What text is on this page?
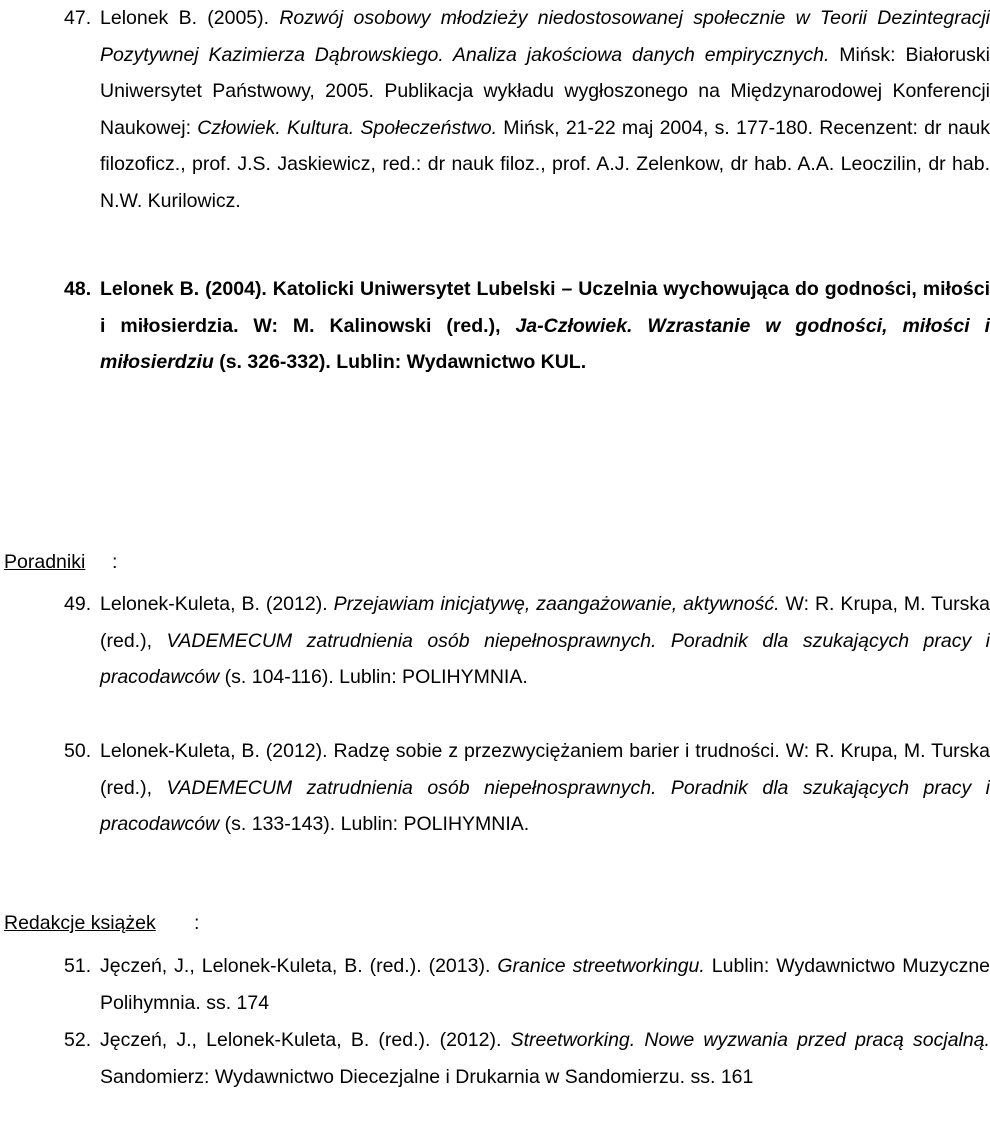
47. Lelonek B. (2005). Rozwój osobowy młodzieży niedostosowanej społecznie w Teorii Dezintegracji Pozytywnej Kazimierza Dąbrowskiego. Analiza jakościowa danych empirycznych. Mińsk: Białoruski Uniwersytet Państwowy, 2005. Publikacja wykładu wygłoszonego na Międzynarodowej Konferencji Naukowej: Człowiek. Kultura. Społeczeństwo. Mińsk, 21-22 maj 2004, s. 177-180. Recenzent: dr nauk filozoficz., prof. J.S. Jaskiewicz, red.: dr nauk filoz., prof. A.J. Zelenkow, dr hab. A.A. Leoczilin, dr hab. N.W. Kurilowicz.
48. Lelonek B. (2004). Katolicki Uniwersytet Lubelski – Uczelnia wychowująca do godności, miłości i miłosierdzia. W: M. Kalinowski (red.), Ja-Człowiek. Wzrastanie w godności, miłości i miłosierdziu (s. 326-332). Lublin: Wydawnictwo KUL.
Poradniki :
49. Lelonek-Kuleta, B. (2012). Przejawiam inicjatywę, zaangażowanie, aktywność. W: R. Krupa, M. Turska (red.), VADEMECUM zatrudnienia osób niepełnosprawnych. Poradnik dla szukających pracy i pracodawców (s. 104-116). Lublin: POLIHYMNIA.
50. Lelonek-Kuleta, B. (2012). Radzę sobie z przezwyciężaniem barier i trudności. W: R. Krupa, M. Turska (red.), VADEMECUM zatrudnienia osób niepełnosprawnych. Poradnik dla szukających pracy i pracodawców (s. 133-143). Lublin: POLIHYMNIA.
Redakcje książek :
51. Jęczeń, J., Lelonek-Kuleta, B. (red.). (2013). Granice streetworkingu. Lublin: Wydawnictwo Muzyczne Polihymnia. ss. 174
52. Jęczeń, J., Lelonek-Kuleta, B. (red.). (2012). Streetworking. Nowe wyzwania przed pracą socjalną. Sandomierz: Wydawnictwo Diecezjalne i Drukarnia w Sandomierzu. ss. 161
